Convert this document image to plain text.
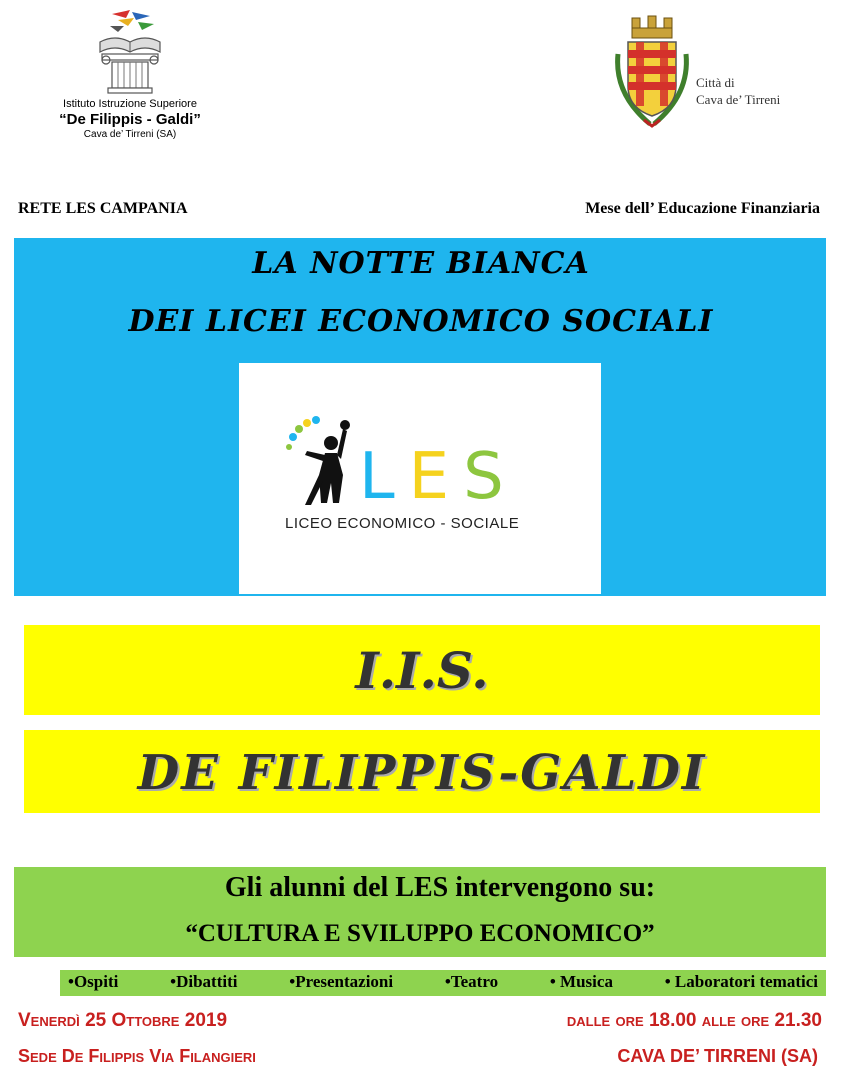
Istituto Istruzione Superiore
“De Filippis - Galdi”
Cava de’ Tirreni (SA)
Città di
Cava de’ Tirreni
RETE LES CAMPANIA	Mese dell’ Educazione Finanziaria
LA NOTTE BIANCA
DEI LICEI ECONOMICO SOCIALI
LES
LICEO ECONOMICO - SOCIALE
I.I.S.
DE FILIPPIS-GALDI
Gli alunni del LES intervengono su:
“CULTURA E SVILUPPO ECONOMICO”
•Ospiti	•Dibattiti	•Presentazioni	•Teatro	• Musica	• Laboratori tematici
Venerdì 25 Ottobre 2019	dalle ore 18.00 alle ore 21.30
Sede De Filippis Via Filangieri	CAVA DE’ TIRRENI (SA)
